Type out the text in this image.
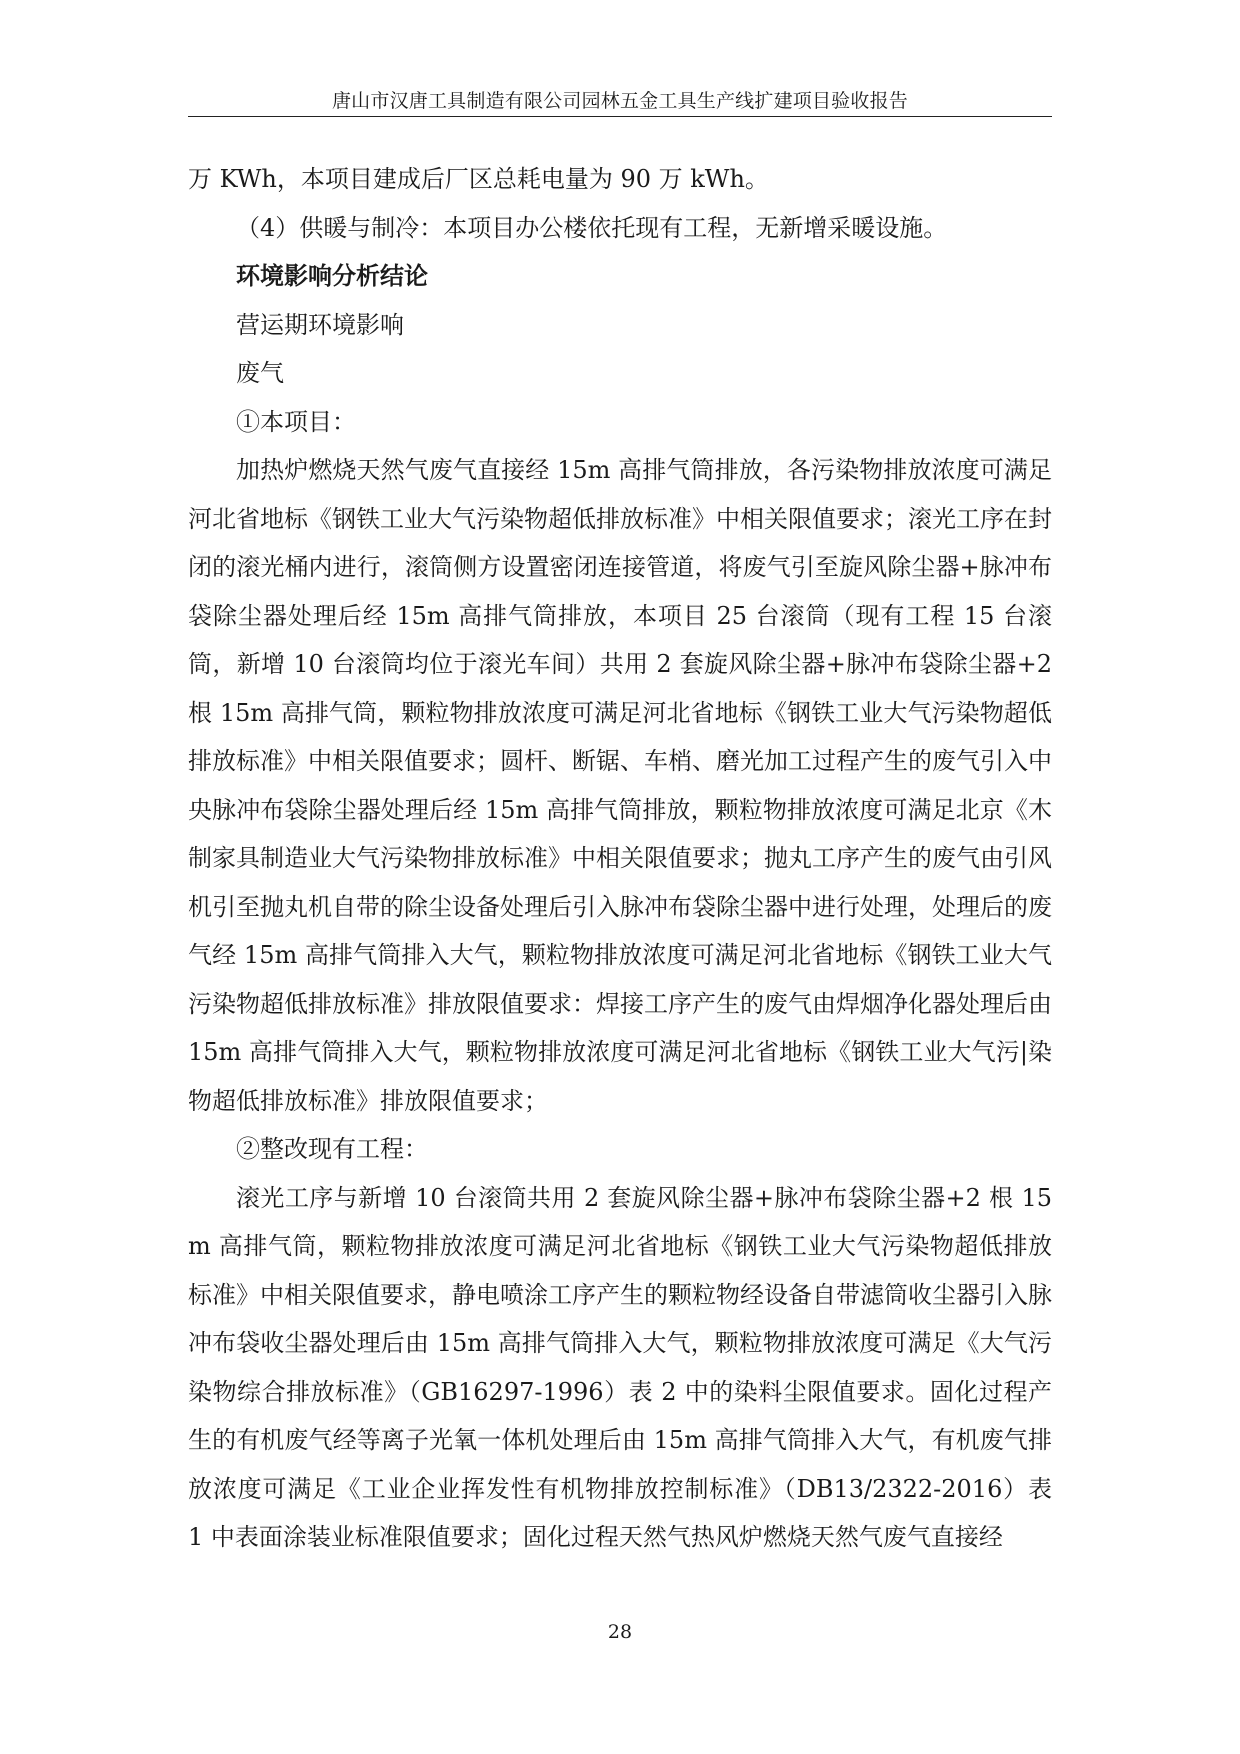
唐山市汉唐工具制造有限公司园林五金工具生产线扩建项目验收报告

万 KWh，本项目建成后厂区总耗电量为 90 万 kWh。

（4）供暖与制冷：本项目办公楼依托现有工程，无新增采暖设施。

环境影响分析结论

营运期环境影响

废气

①本项目：

加热炉燃烧天然气废气直接经 15m 高排气筒排放，各污染物排放浓度可满足河北省地标《钢铁工业大气污染物超低排放标准》中相关限值要求；滚光工序在封闭的滚光桶内进行，滚筒侧方设置密闭连接管道，将废气引至旋风除尘器+脉冲布袋除尘器处理后经 15m 高排气筒排放，本项目 25 台滚筒（现有工程 15 台滚筒，新增 10 台滚筒均位于滚光车间）共用 2 套旋风除尘器+脉冲布袋除尘器+2 根 15m 高排气筒，颗粒物排放浓度可满足河北省地标《钢铁工业大气污染物超低排放标准》中相关限值要求；圆杆、断锯、车梢、磨光加工过程产生的废气引入中央脉冲布袋除尘器处理后经 15m 高排气筒排放，颗粒物排放浓度可满足北京《木制家具制造业大气污染物排放标准》中相关限值要求；抛丸工序产生的废气由引风机引至抛丸机自带的除尘设备处理后引入脉冲布袋除尘器中进行处理，处理后的废气经 15m 高排气筒排入大气，颗粒物排放浓度可满足河北省地标《钢铁工业大气污染物超低排放标准》排放限值要求：焊接工序产生的废气由焊烟净化器处理后由 15m 高排气筒排入大气，颗粒物排放浓度可满足河北省地标《钢铁工业大气污|染物超低排放标准》排放限值要求；

②整改现有工程：

滚光工序与新增 10 台滚筒共用 2 套旋风除尘器+脉冲布袋除尘器+2 根 15m 高排气筒，颗粒物排放浓度可满足河北省地标《钢铁工业大气污染物超低排放标准》中相关限值要求，静电喷涂工序产生的颗粒物经设备自带滤筒收尘器引入脉冲布袋收尘器处理后由 15m 高排气筒排入大气，颗粒物排放浓度可满足《大气污染物综合排放标准》（GB16297-1996）表 2 中的染料尘限值要求。固化过程产生的有机废气经等离子光氧一体机处理后由 15m 高排气筒排入大气，有机废气排放浓度可满足《工业企业挥发性有机物排放控制标准》（DB13/2322-2016）表 1 中表面涂装业标准限值要求；固化过程天然气热风炉燃烧天然气废气直接经

28
